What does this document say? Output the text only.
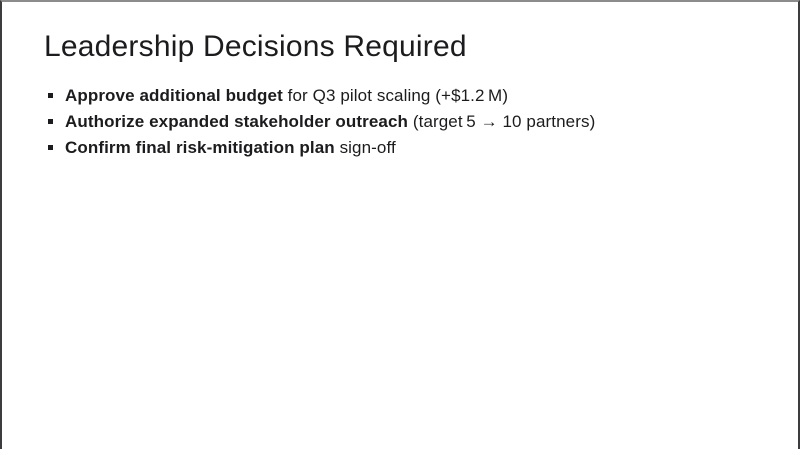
Leadership Decisions Required
Approve additional budget for Q3 pilot scaling (+$1.2 M)
Authorize expanded stakeholder outreach (target 5 → 10 partners)
Confirm final risk-mitigation plan sign-off
